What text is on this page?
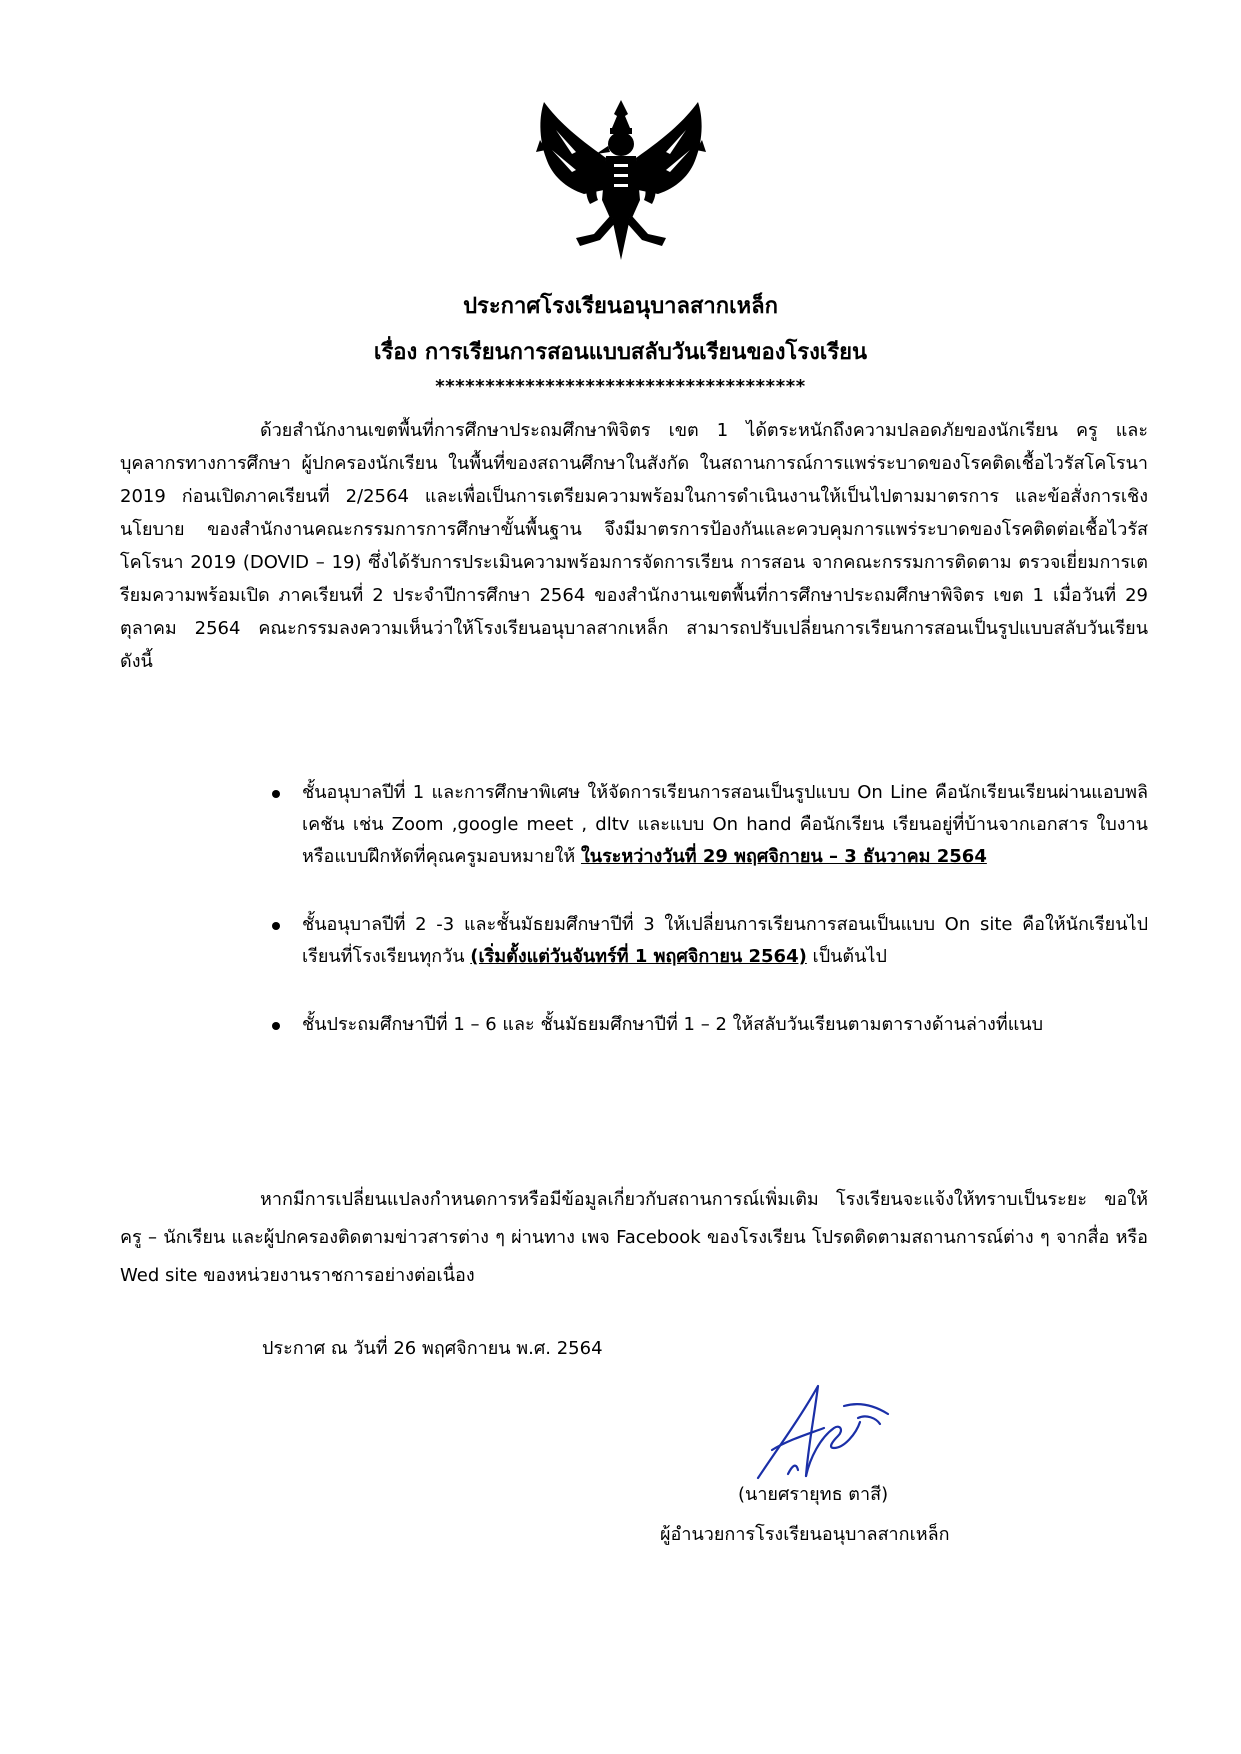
ประกาศโรงเรียนอนุบาลสากเหล็ก
เรื่อง การเรียนการสอนแบบสลับวันเรียนของโรงเรียน
*************************************

ด้วยสำนักงานเขตพื้นที่การศึกษาประถมศึกษาพิจิตร เขต 1 ได้ตระหนักถึงความปลอดภัยของนักเรียน ครู และบุคลากรทางการศึกษา ผู้ปกครองนักเรียน ในพื้นที่ของสถานศึกษาในสังกัด ในสถานการณ์การแพร่ระบาดของโรคติดเชื้อไวรัสโคโรนา 2019 ก่อนเปิดภาคเรียนที่ 2/2564 และเพื่อเป็นการเตรียมความพร้อมในการดำเนินงานให้เป็นไปตามมาตรการ และข้อสั่งการเชิงนโยบาย ของสำนักงานคณะกรรมการการศึกษาขั้นพื้นฐาน จึงมีมาตรการป้องกันและควบคุมการแพร่ระบาดของโรคติดต่อเชื้อไวรัส โคโรนา 2019 (DOVID – 19) ซึ่งได้รับการประเมินความพร้อมการจัดการเรียน การสอน จากคณะกรรมการติดตาม ตรวจเยี่ยมการเตรียมความพร้อมเปิด ภาคเรียนที่ 2 ประจำปีการศึกษา 2564 ของสำนักงานเขตพื้นที่การศึกษาประถมศึกษาพิจิตร เขต 1 เมื่อวันที่ 29 ตุลาคม 2564 คณะกรรมลงความเห็นว่าให้โรงเรียนอนุบาลสากเหล็ก สามารถปรับเปลี่ยนการเรียนการสอนเป็นรูปแบบสลับวันเรียน ดังนี้

ชั้นอนุบาลปีที่ 1 และการศึกษาพิเศษ ให้จัดการเรียนการสอนเป็นรูปแบบ On Line คือนักเรียนเรียนผ่านแอบพลิเคชัน เช่น Zoom ,google meet , dltv และแบบ On hand คือนักเรียน เรียนอยู่ที่บ้านจากเอกสาร ใบงาน หรือแบบฝึกหัดที่คุณครูมอบหมายให้ ในระหว่างวันที่ 29 พฤศจิกายน – 3 ธันวาคม 2564
ชั้นอนุบาลปีที่ 2 -3 และชั้นมัธยมศึกษาปีที่ 3 ให้เปลี่ยนการเรียนการสอนเป็นแบบ On site คือให้นักเรียนไปเรียนที่โรงเรียนทุกวัน (เริ่มตั้งแต่วันจันทร์ที่ 1 พฤศจิกายน 2564) เป็นต้นไป
ชั้นประถมศึกษาปีที่ 1 – 6 และ ชั้นมัธยมศึกษาปีที่ 1 – 2 ให้สลับวันเรียนตามตารางด้านล่างที่แนบ

หากมีการเปลี่ยนแปลงกำหนดการหรือมีข้อมูลเกี่ยวกับสถานการณ์เพิ่มเติม โรงเรียนจะแจ้งให้ทราบเป็นระยะ ขอให้ ครู – นักเรียน และผู้ปกครองติดตามข่าวสารต่าง ๆ ผ่านทาง เพจ Facebook ของโรงเรียน โปรดติดตามสถานการณ์ต่าง ๆ จากสื่อ หรือ Wed site ของหน่วยงานราชการอย่างต่อเนื่อง

ประกาศ ณ วันที่ 26 พฤศจิกายน พ.ศ. 2564
(นายศรายุทธ ตาสี)
ผู้อำนวยการโรงเรียนอนุบาลสากเหล็ก
